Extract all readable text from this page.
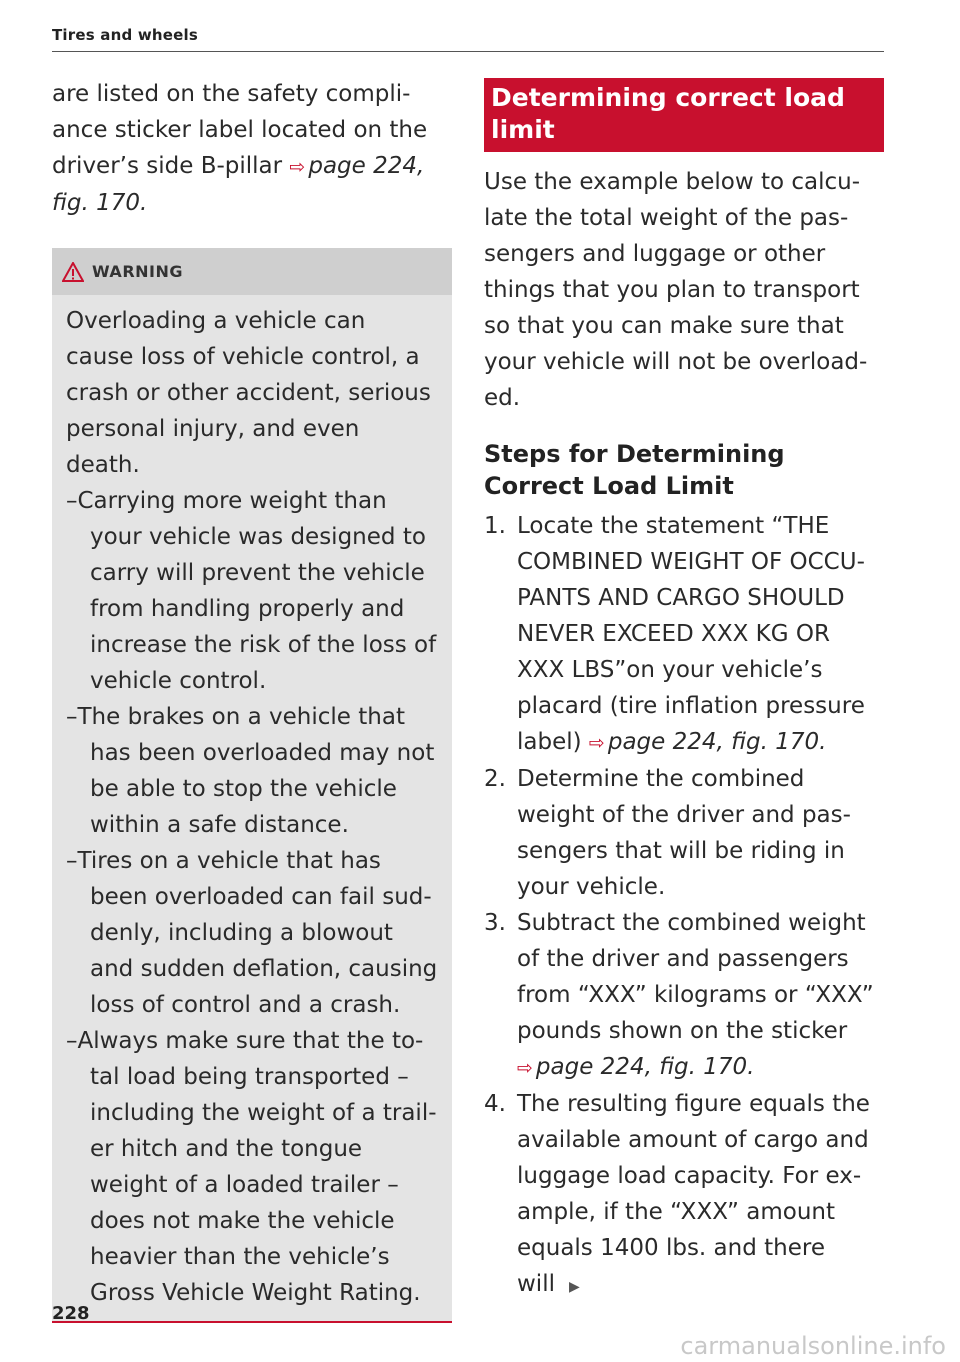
Tires and wheels

are listed on the safety compliance sticker label located on the driver’s side B-pillar ⇨ page 224, fig. 170.

WARNING

Overloading a vehicle can cause loss of vehicle control, a crash or other accident, serious personal injury, and even death.

–Carrying more weight than your vehicle was designed to carry will prevent the vehicle from handling properly and increase the risk of the loss of vehicle control.

–The brakes on a vehicle that has been overloaded may not be able to stop the vehicle within a safe distance.

–Tires on a vehicle that has been overloaded can fail suddenly, including a blowout and sudden deflation, causing loss of control and a crash.

–Always make sure that the total load being transported – including the weight of a trailer hitch and the tongue weight of a loaded trailer – does not make the vehicle heavier than the vehicle’s Gross Vehicle Weight Rating.

Determining correct load limit

Use the example below to calculate the total weight of the passengers and luggage or other things that you plan to transport so that you can make sure that your vehicle will not be overloaded.

Steps for Determining Correct Load Limit
1. Locate the statement “THE COMBINED WEIGHT OF OCCUPANTS AND CARGO SHOULD NEVER EXCEED XXX KG OR XXX LBS”on your vehicle’s placard (tire inflation pressure label) ⇨ page 224, fig. 170.
2. Determine the combined weight of the driver and passengers that will be riding in your vehicle.
3. Subtract the combined weight of the driver and passengers from “XXX” kilograms or “XXX” pounds shown on the sticker ⇨ page 224, fig. 170.
4. The resulting figure equals the available amount of cargo and luggage load capacity. For example, if the “XXX” amount equals 1400 lbs. and there will ▶
228
carmanualsonline.info
